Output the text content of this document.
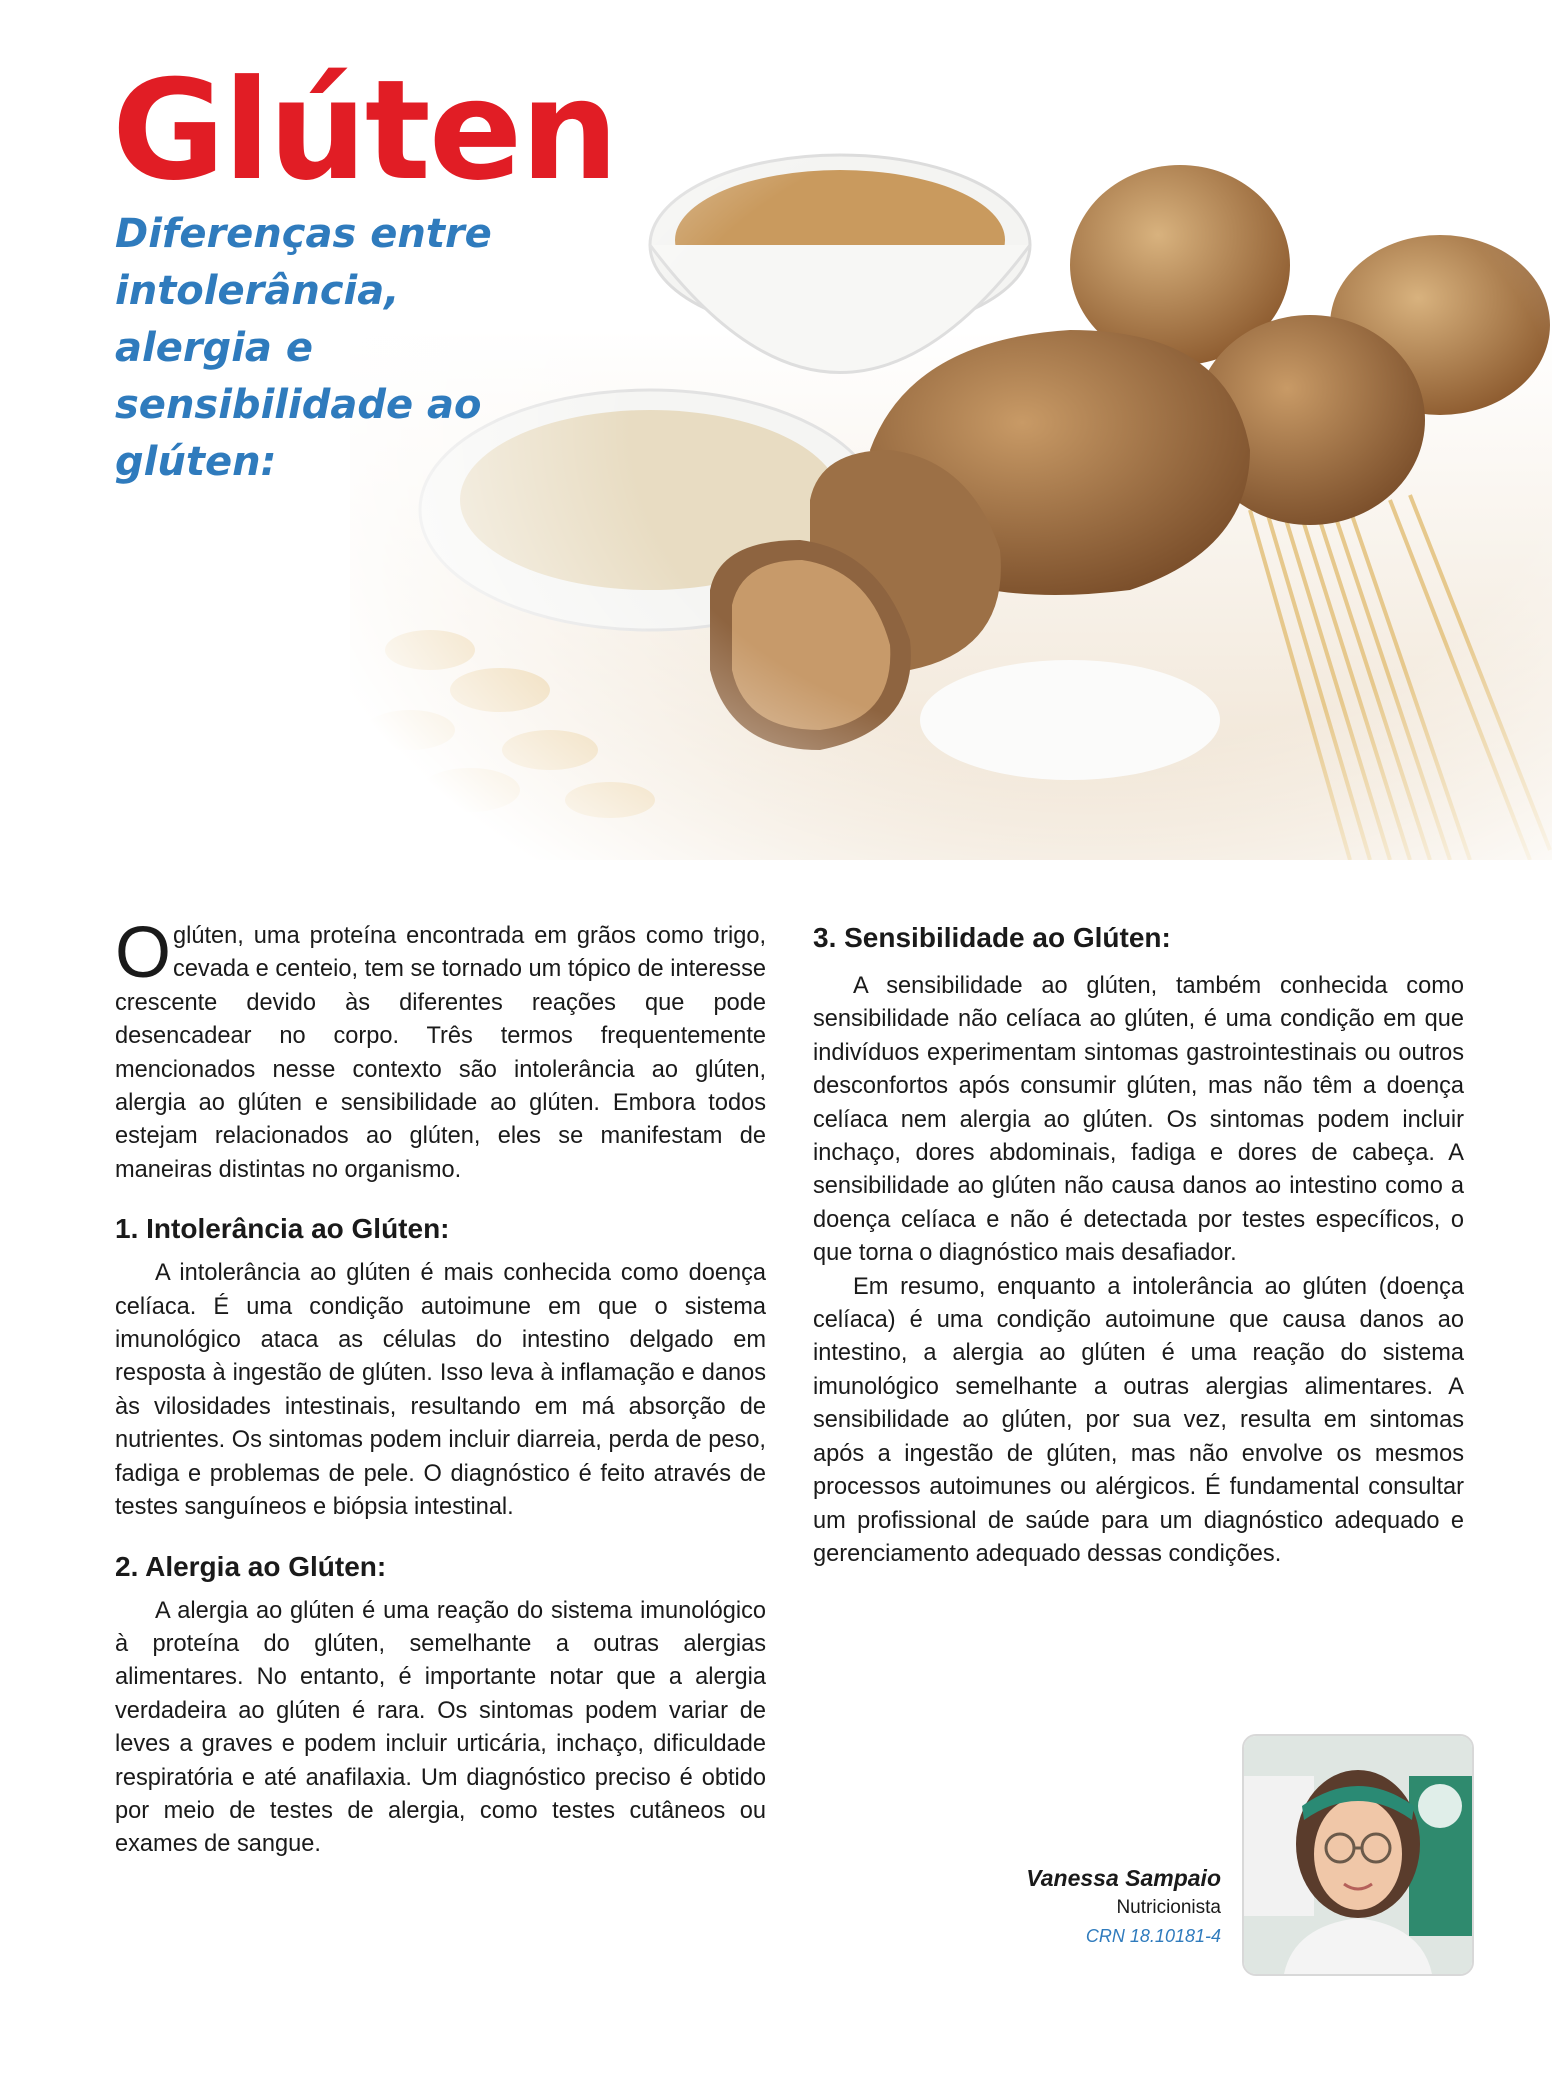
Glúten

Diferenças entre intolerância, alergia e sensibilidade ao glúten:

Oglúten, uma proteína encontrada em grãos como trigo, cevada e centeio, tem se tornado um tópico de interesse crescente devido às diferentes reações que pode desencadear no corpo. Três termos frequentemente mencionados nesse contexto são intolerância ao glúten, alergia ao glúten e sensibilidade ao glúten. Embora todos estejam relacionados ao glúten, eles se manifestam de maneiras distintas no organismo.

1. Intolerância ao Glúten:

A intolerância ao glúten é mais conhecida como doença celíaca. É uma condição autoimune em que o sistema imunológico ataca as células do intestino delgado em resposta à ingestão de glúten. Isso leva à inflamação e danos às vilosidades intestinais, resultando em má absorção de nutrientes. Os sintomas podem incluir diarreia, perda de peso, fadiga e problemas de pele. O diagnóstico é feito através de testes sanguíneos e biópsia intestinal.

2. Alergia ao Glúten:

A alergia ao glúten é uma reação do sistema imunológico à proteína do glúten, semelhante a outras alergias alimentares. No entanto, é importante notar que a alergia verdadeira ao glúten é rara. Os sintomas podem variar de leves a graves e podem incluir urticária, inchaço, dificuldade respiratória e até anafilaxia. Um diagnóstico preciso é obtido por meio de testes de alergia, como testes cutâneos ou exames de sangue.

3. Sensibilidade ao Glúten:

A sensibilidade ao glúten, também conhecida como sensibilidade não celíaca ao glúten, é uma condição em que indivíduos experimentam sintomas gastrointestinais ou outros desconfortos após consumir glúten, mas não têm a doença celíaca nem alergia ao glúten. Os sintomas podem incluir inchaço, dores abdominais, fadiga e dores de cabeça. A sensibilidade ao glúten não causa danos ao intestino como a doença celíaca e não é detectada por testes específicos, o que torna o diagnóstico mais desafiador.

Em resumo, enquanto a intolerância ao glúten (doença celíaca) é uma condição autoimune que causa danos ao intestino, a alergia ao glúten é uma reação do sistema imunológico semelhante a outras alergias alimentares. A sensibilidade ao glúten, por sua vez, resulta em sintomas após a ingestão de glúten, mas não envolve os mesmos processos autoimunes ou alérgicos. É fundamental consultar um profissional de saúde para um diagnóstico adequado e gerenciamento adequado dessas condições.

Vanessa Sampaio
Nutricionista
CRN 18.10181-4
